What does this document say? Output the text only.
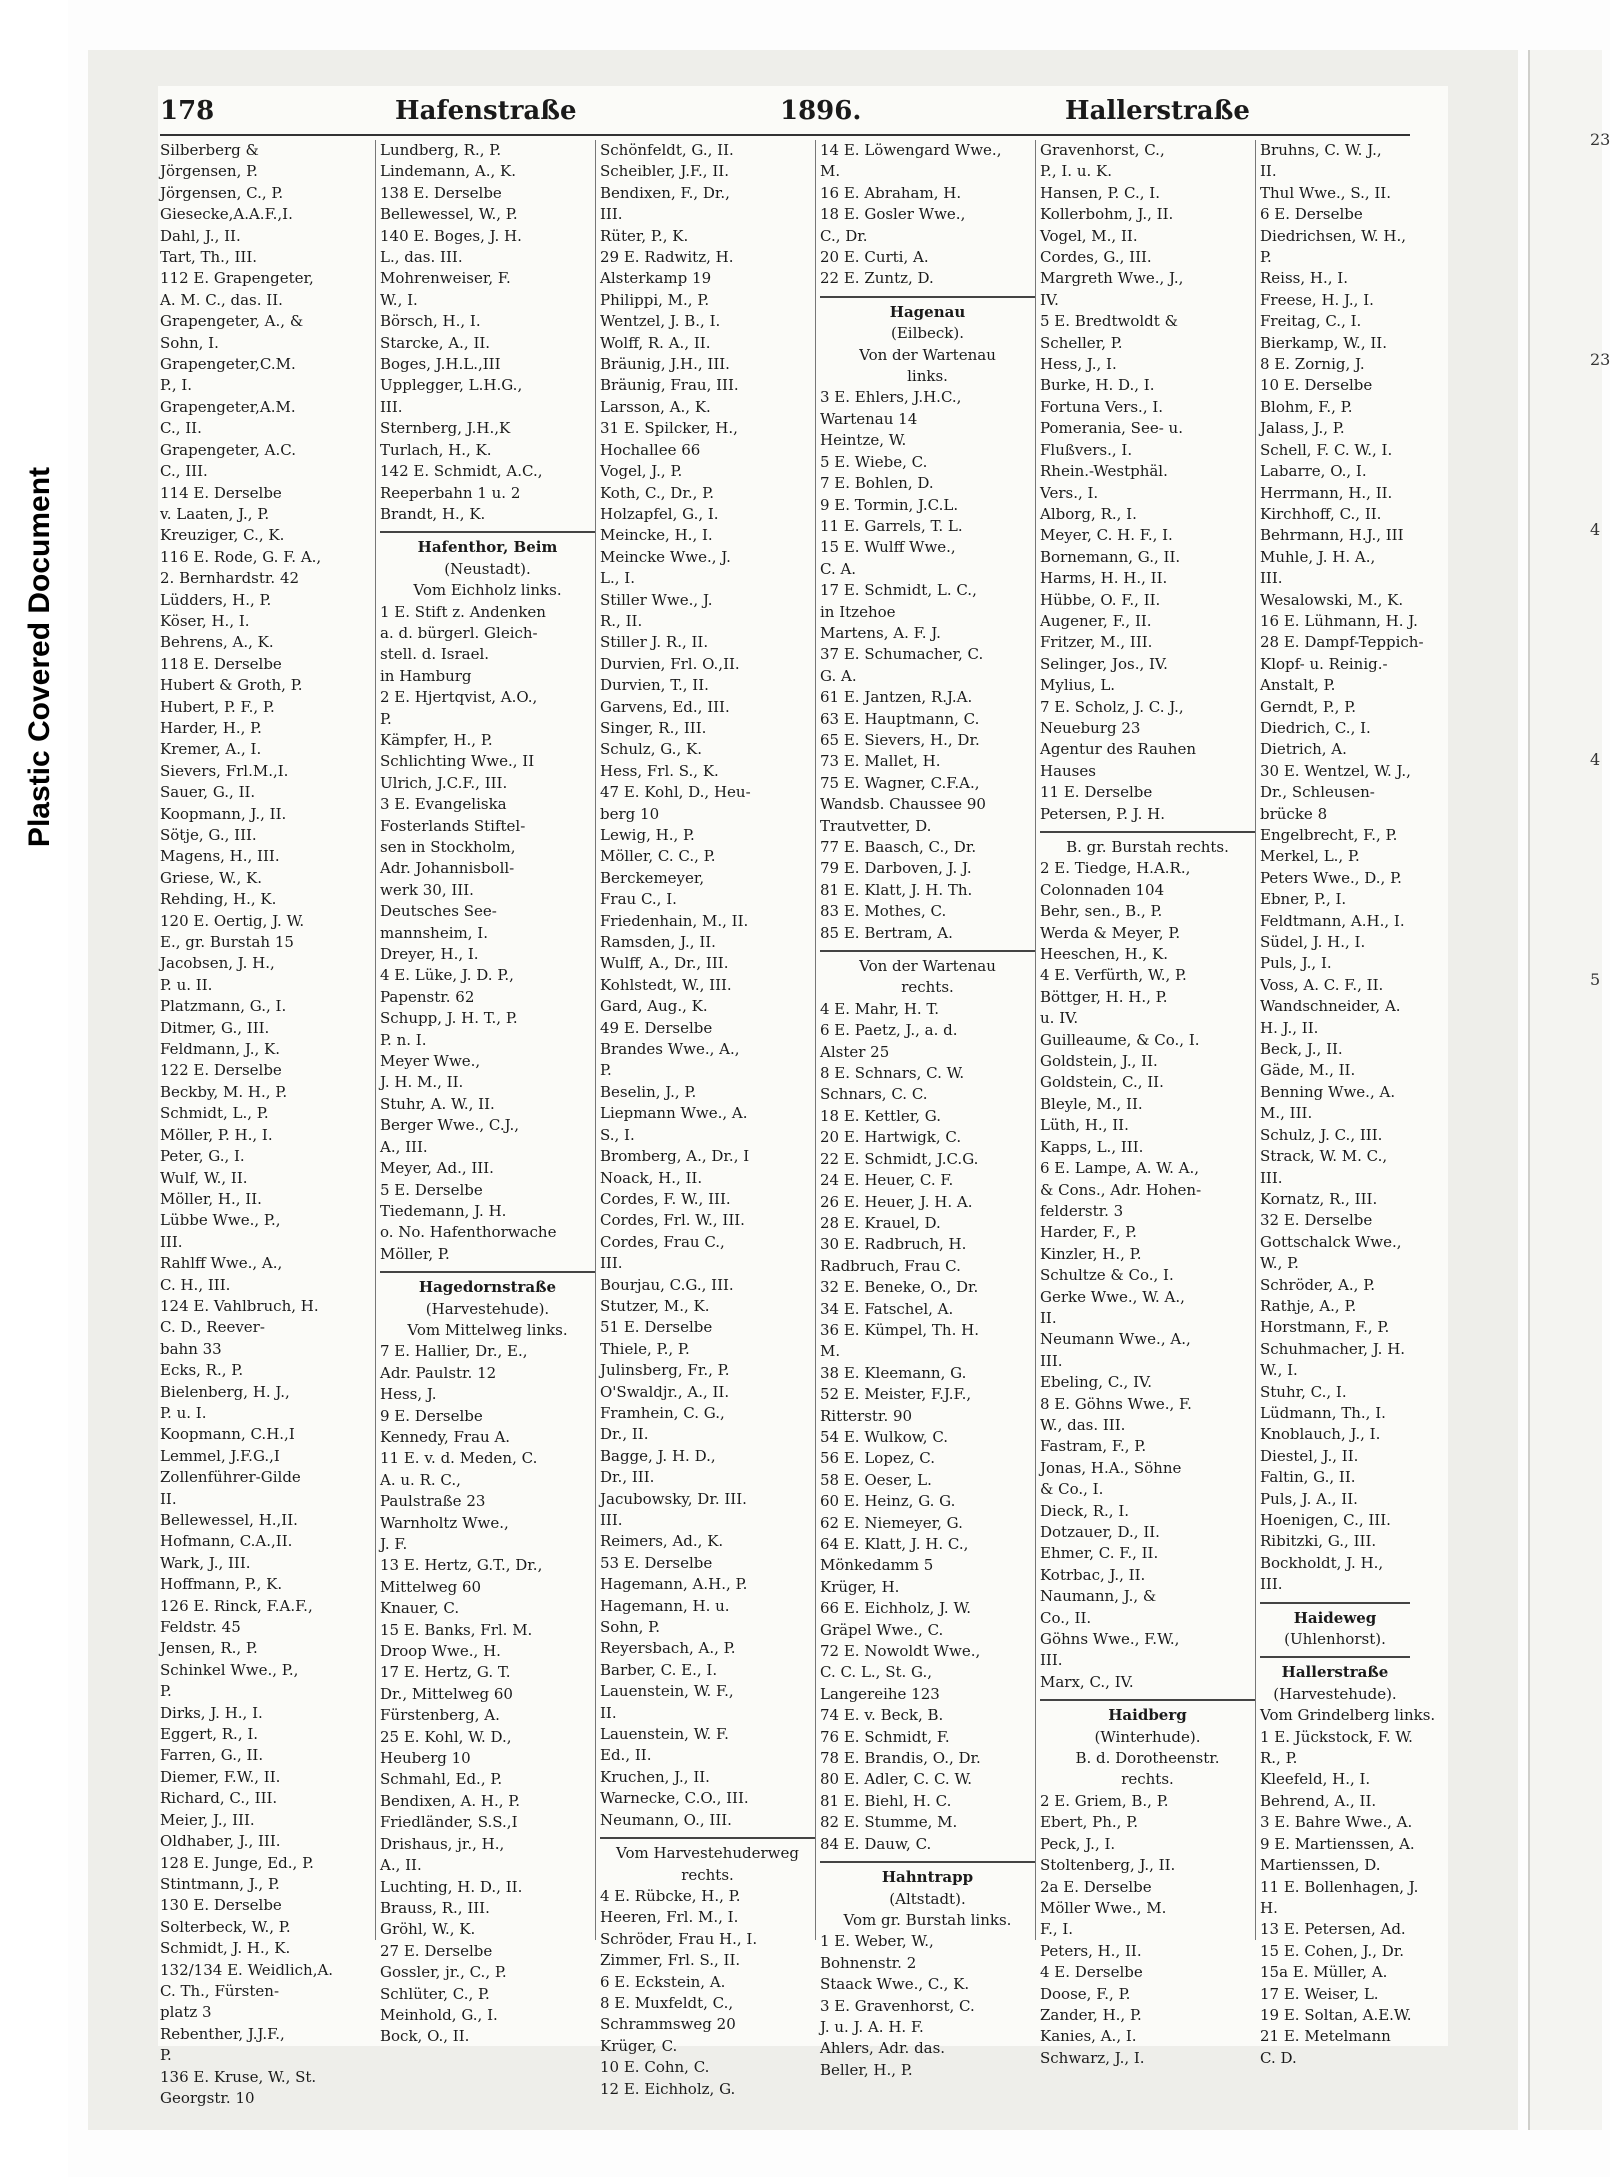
Plastic Covered Document
23
23
4
4
5
178	Hafenstraße	1896.	Hallerstraße
Silberberg &
Jörgensen, P.
Jörgensen, C., P.
Giesecke,A.A.F.,I.
Dahl, J., II.
Tart, Th., III.
112 E. Grapengeter,
A. M. C., das. II.
Grapengeter, A., &
Sohn, I.
Grapengeter,C.M.
P., I.
Grapengeter,A.M.
C., II.
Grapengeter, A.C.
C., III.
114 E. Derselbe
v. Laaten, J., P.
Kreuziger, C., K.
116 E. Rode, G. F. A.,
2. Bernhardstr. 42
Lüdders, H., P.
Köser, H., I.
Behrens, A., K.
118 E. Derselbe
Hubert & Groth, P.
Hubert, P. F., P.
Harder, H., P.
Kremer, A., I.
Sievers, Frl.M.,I.
Sauer, G., II.
Koopmann, J., II.
Sötje, G., III.
Magens, H., III.
Griese, W., K.
Rehding, H., K.
120 E. Oertig, J. W.
E., gr. Burstah 15
Jacobsen, J. H.,
P. u. II.
Platzmann, G., I.
Ditmer, G., III.
Feldmann, J., K.
122 E. Derselbe
Beckby, M. H., P.
Schmidt, L., P.
Möller, P. H., I.
Peter, G., I.
Wulf, W., II.
Möller, H., II.
Lübbe Wwe., P.,
III.
Rahlff Wwe., A.,
C. H., III.
124 E. Vahlbruch, H.
C. D., Reever-
bahn 33
Ecks, R., P.
Bielenberg, H. J.,
P. u. I.
Koopmann, C.H.,I
Lemmel, J.F.G.,I
Zollenführer-Gilde
II.
Bellewessel, H.,II.
Hofmann, C.A.,II.
Wark, J., III.
Hoffmann, P., K.
126 E. Rinck, F.A.F.,
Feldstr. 45
Jensen, R., P.
Schinkel Wwe., P.,
P.
Dirks, J. H., I.
Eggert, R., I.
Farren, G., II.
Diemer, F.W., II.
Richard, C., III.
Meier, J., III.
Oldhaber, J., III.
128 E. Junge, Ed., P.
Stintmann, J., P.
130 E. Derselbe
Solterbeck, W., P.
Schmidt, J. H., K.
132/134 E. Weidlich,A.
C. Th., Fürsten-
platz 3
Rebenther, J.J.F.,
P.
136 E. Kruse, W., St.
Georgstr. 10
Lundberg, R., P.
Lindemann, A., K.
138 E. Derselbe
Bellewessel, W., P.
140 E. Boges, J. H.
L., das. III.
Mohrenweiser, F.
W., I.
Börsch, H., I.
Starcke, A., II.
Boges, J.H.L.,III
Upplegger, L.H.G.,
III.
Sternberg, J.H.,K
Turlach, H., K.
142 E. Schmidt, A.C.,
Reeperbahn 1 u. 2
Brandt, H., K.
Hafenthor, Beim
(Neustadt).
Vom Eichholz links.
1 E. Stift z. Andenken
a. d. bürgerl. Gleich-
stell. d. Israel.
in Hamburg
2 E. Hjertqvist, A.O.,
P.
Kämpfer, H., P.
Schlichting Wwe., II
Ulrich, J.C.F., III.
3 E. Evangeliska
Fosterlands Stiftel-
sen in Stockholm,
Adr. Johannisboll-
werk 30, III.
Deutsches See-
mannsheim, I.
Dreyer, H., I.
4 E. Lüke, J. D. P.,
Papenstr. 62
Schupp, J. H. T., P.
P. n. I.
Meyer Wwe.,
J. H. M., II.
Stuhr, A. W., II.
Berger Wwe., C.J.,
A., III.
Meyer, Ad., III.
5 E. Derselbe
Tiedemann, J. H.
o. No. Hafenthorwache
Möller, P.
Hagedornstraße
(Harvestehude).
Vom Mittelweg links.
7 E. Hallier, Dr., E.,
Adr. Paulstr. 12
Hess, J.
9 E. Derselbe
Kennedy, Frau A.
11 E. v. d. Meden, C.
A. u. R. C.,
Paulstraße 23
Warnholtz Wwe.,
J. F.
13 E. Hertz, G.T., Dr.,
Mittelweg 60
Knauer, C.
15 E. Banks, Frl. M.
Droop Wwe., H.
17 E. Hertz, G. T.
Dr., Mittelweg 60
Fürstenberg, A.
25 E. Kohl, W. D.,
Heuberg 10
Schmahl, Ed., P.
Bendixen, A. H., P.
Friedländer, S.S.,I
Drishaus, jr., H.,
A., II.
Luchting, H. D., II.
Brauss, R., III.
Gröhl, W., K.
27 E. Derselbe
Gossler, jr., C., P.
Schlüter, C., P.
Meinhold, G., I.
Bock, O., II.
Schönfeldt, G., II.
Scheibler, J.F., II.
Bendixen, F., Dr.,
III.
Rüter, P., K.
29 E. Radwitz, H.
Alsterkamp 19
Philippi, M., P.
Wentzel, J. B., I.
Wolff, R. A., II.
Bräunig, J.H., III.
Bräunig, Frau, III.
Larsson, A., K.
31 E. Spilcker, H.,
Hochallee 66
Vogel, J., P.
Koth, C., Dr., P.
Holzapfel, G., I.
Meincke, H., I.
Meincke Wwe., J.
L., I.
Stiller Wwe., J.
R., II.
Stiller J. R., II.
Durvien, Frl. O.,II.
Durvien, T., II.
Garvens, Ed., III.
Singer, R., III.
Schulz, G., K.
Hess, Frl. S., K.
47 E. Kohl, D., Heu-
berg 10
Lewig, H., P.
Möller, C. C., P.
Berckemeyer,
Frau C., I.
Friedenhain, M., II.
Ramsden, J., II.
Wulff, A., Dr., III.
Kohlstedt, W., III.
Gard, Aug., K.
49 E. Derselbe
Brandes Wwe., A.,
P.
Beselin, J., P.
Liepmann Wwe., A.
S., I.
Bromberg, A., Dr., I
Noack, H., II.
Cordes, F. W., III.
Cordes, Frl. W., III.
Cordes, Frau C.,
III.
Bourjau, C.G., III.
Stutzer, M., K.
51 E. Derselbe
Thiele, P., P.
Julinsberg, Fr., P.
O'Swaldjr., A., II.
Framhein, C. G.,
Dr., II.
Bagge, J. H. D.,
Dr., III.
Jacubowsky, Dr. III.
III.
Reimers, Ad., K.
53 E. Derselbe
Hagemann, A.H., P.
Hagemann, H. u.
Sohn, P.
Reyersbach, A., P.
Barber, C. E., I.
Lauenstein, W. F.,
II.
Lauenstein, W. F.
Ed., II.
Kruchen, J., II.
Warnecke, C.O., III.
Neumann, O., III.
Vom Harvestehuderweg
rechts.
4 E. Rübcke, H., P.
Heeren, Frl. M., I.
Schröder, Frau H., I.
Zimmer, Frl. S., II.
6 E. Eckstein, A.
8 E. Muxfeldt, C.,
Schrammsweg 20
Krüger, C.
10 E. Cohn, C.
12 E. Eichholz, G.
14 E. Löwengard Wwe.,
M.
16 E. Abraham, H.
18 E. Gosler Wwe.,
C., Dr.
20 E. Curti, A.
22 E. Zuntz, D.
Hagenau
(Eilbeck).
Von der Wartenau
links.
3 E. Ehlers, J.H.C.,
Wartenau 14
Heintze, W.
5 E. Wiebe, C.
7 E. Bohlen, D.
9 E. Tormin, J.C.L.
11 E. Garrels, T. L.
15 E. Wulff Wwe.,
C. A.
17 E. Schmidt, L. C.,
in Itzehoe
Martens, A. F. J.
37 E. Schumacher, C.
G. A.
61 E. Jantzen, R.J.A.
63 E. Hauptmann, C.
65 E. Sievers, H., Dr.
73 E. Mallet, H.
75 E. Wagner, C.F.A.,
Wandsb. Chaussee 90
Trautvetter, D.
77 E. Baasch, C., Dr.
79 E. Darboven, J. J.
81 E. Klatt, J. H. Th.
83 E. Mothes, C.
85 E. Bertram, A.
Von der Wartenau
rechts.
4 E. Mahr, H. T.
6 E. Paetz, J., a. d.
Alster 25
8 E. Schnars, C. W.
Schnars, C. C.
18 E. Kettler, G.
20 E. Hartwigk, C.
22 E. Schmidt, J.C.G.
24 E. Heuer, C. F.
26 E. Heuer, J. H. A.
28 E. Krauel, D.
30 E. Radbruch, H.
Radbruch, Frau C.
32 E. Beneke, O., Dr.
34 E. Fatschel, A.
36 E. Kümpel, Th. H.
M.
38 E. Kleemann, G.
52 E. Meister, F.J.F.,
Ritterstr. 90
54 E. Wulkow, C.
56 E. Lopez, C.
58 E. Oeser, L.
60 E. Heinz, G. G.
62 E. Niemeyer, G.
64 E. Klatt, J. H. C.,
Mönkedamm 5
Krüger, H.
66 E. Eichholz, J. W.
Gräpel Wwe., C.
72 E. Nowoldt Wwe.,
C. C. L., St. G.,
Langereihe 123
74 E. v. Beck, B.
76 E. Schmidt, F.
78 E. Brandis, O., Dr.
80 E. Adler, C. C. W.
81 E. Biehl, H. C.
82 E. Stumme, M.
84 E. Dauw, C.
Hahntrapp
(Altstadt).
Vom gr. Burstah links.
1 E. Weber, W.,
Bohnenstr. 2
Staack Wwe., C., K.
3 E. Gravenhorst, C.
J. u. J. A. H. F.
Ahlers, Adr. das.
Beller, H., P.
Gravenhorst, C.,
P., I. u. K.
Hansen, P. C., I.
Kollerbohm, J., II.
Vogel, M., II.
Cordes, G., III.
Margreth Wwe., J.,
IV.
5 E. Bredtwoldt &
Scheller, P.
Hess, J., I.
Burke, H. D., I.
Fortuna Vers., I.
Pomerania, See- u.
Flußvers., I.
Rhein.-Westphäl.
Vers., I.
Alborg, R., I.
Meyer, C. H. F., I.
Bornemann, G., II.
Harms, H. H., II.
Hübbe, O. F., II.
Augener, F., II.
Fritzer, M., III.
Selinger, Jos., IV.
Mylius, L.
7 E. Scholz, J. C. J.,
Neueburg 23
Agentur des Rauhen
Hauses
11 E. Derselbe
Petersen, P. J. H.
B. gr. Burstah rechts.
2 E. Tiedge, H.A.R.,
Colonnaden 104
Behr, sen., B., P.
Werda & Meyer, P.
Heeschen, H., K.
4 E. Verfürth, W., P.
Böttger, H. H., P.
u. IV.
Guilleaume, & Co., I.
Goldstein, J., II.
Goldstein, C., II.
Bleyle, M., II.
Lüth, H., II.
Kapps, L., III.
6 E. Lampe, A. W. A.,
& Cons., Adr. Hohen-
felderstr. 3
Harder, F., P.
Kinzler, H., P.
Schultze & Co., I.
Gerke Wwe., W. A.,
II.
Neumann Wwe., A.,
III.
Ebeling, C., IV.
8 E. Göhns Wwe., F.
W., das. III.
Fastram, F., P.
Jonas, H.A., Söhne
& Co., I.
Dieck, R., I.
Dotzauer, D., II.
Ehmer, C. F., II.
Kotrbac, J., II.
Naumann, J., &
Co., II.
Göhns Wwe., F.W.,
III.
Marx, C., IV.
Haidberg
(Winterhude).
B. d. Dorotheenstr.
rechts.
2 E. Griem, B., P.
Ebert, Ph., P.
Peck, J., I.
Stoltenberg, J., II.
2a E. Derselbe
Möller Wwe., M.
F., I.
Peters, H., II.
4 E. Derselbe
Doose, F., P.
Zander, H., P.
Kanies, A., I.
Schwarz, J., I.
Bruhns, C. W. J.,
II.
Thul Wwe., S., II.
6 E. Derselbe
Diedrichsen, W. H.,
P.
Reiss, H., I.
Freese, H. J., I.
Freitag, C., I.
Bierkamp, W., II.
8 E. Zornig, J.
10 E. Derselbe
Blohm, F., P.
Jalass, J., P.
Schell, F. C. W., I.
Labarre, O., I.
Herrmann, H., II.
Kirchhoff, C., II.
Behrmann, H.J., III
Muhle, J. H. A.,
III.
Wesalowski, M., K.
16 E. Lühmann, H. J.
28 E. Dampf-Teppich-
Klopf- u. Reinig.-
Anstalt, P.
Gerndt, P., P.
Diedrich, C., I.
Dietrich, A.
30 E. Wentzel, W. J.,
Dr., Schleusen-
brücke 8
Engelbrecht, F., P.
Merkel, L., P.
Peters Wwe., D., P.
Ebner, P., I.
Feldtmann, A.H., I.
Südel, J. H., I.
Puls, J., I.
Voss, A. C. F., II.
Wandschneider, A.
H. J., II.
Beck, J., II.
Gäde, M., II.
Benning Wwe., A.
M., III.
Schulz, J. C., III.
Strack, W. M. C.,
III.
Kornatz, R., III.
32 E. Derselbe
Gottschalck Wwe.,
W., P.
Schröder, A., P.
Rathje, A., P.
Horstmann, F., P.
Schuhmacher, J. H.
W., I.
Stuhr, C., I.
Lüdmann, Th., I.
Knoblauch, J., I.
Diestel, J., II.
Faltin, G., II.
Puls, J. A., II.
Hoenigen, C., III.
Ribitzki, G., III.
Bockholdt, J. H.,
III.
Haideweg
(Uhlenhorst).
Hallerstraße
(Harvestehude).
Vom Grindelberg links.
1 E. Jückstock, F. W.
R., P.
Kleefeld, H., I.
Behrend, A., II.
3 E. Bahre Wwe., A.
9 E. Martienssen, A.
Martienssen, D.
11 E. Bollenhagen, J.
H.
13 E. Petersen, Ad.
15 E. Cohen, J., Dr.
15a E. Müller, A.
17 E. Weiser, L.
19 E. Soltan, A.E.W.
21 E. Metelmann
C. D.
